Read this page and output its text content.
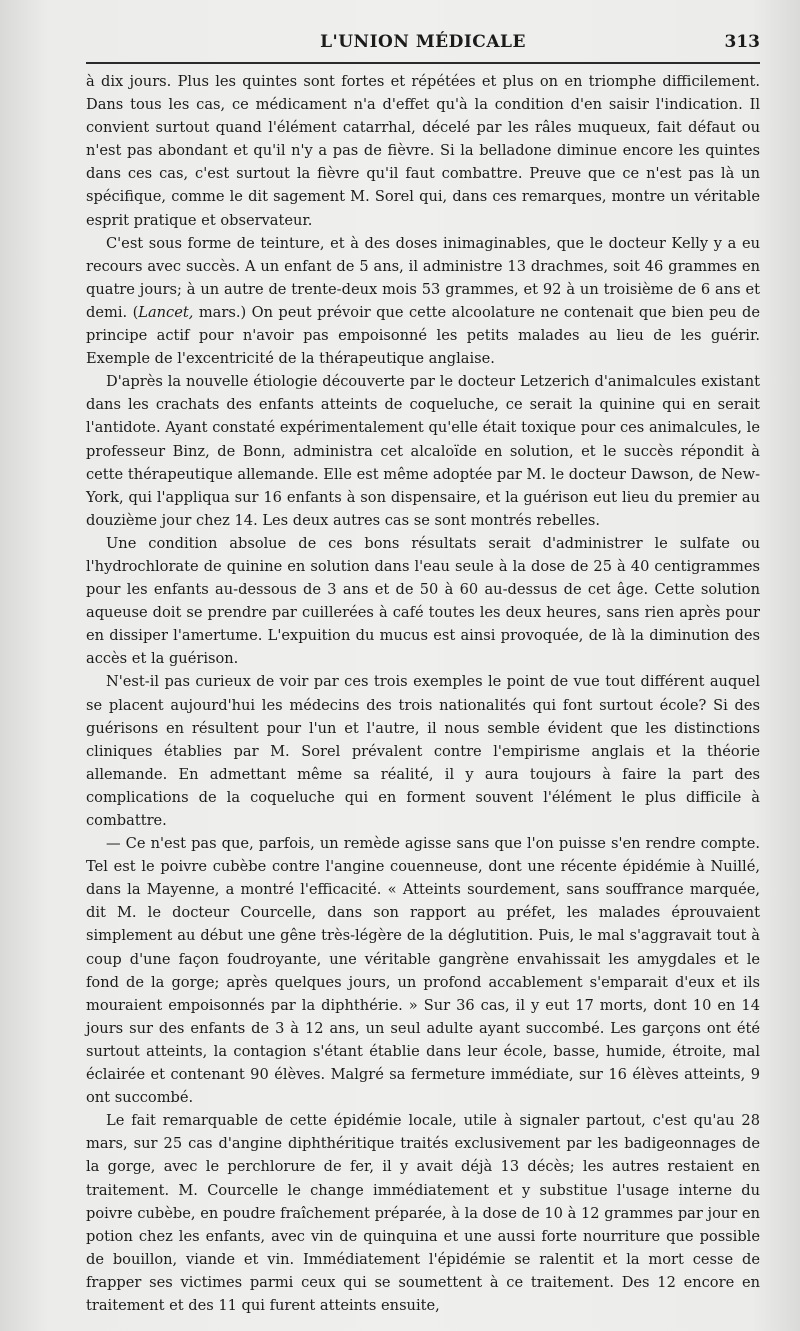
L'UNION MÉDICALE	313

à dix jours. Plus les quintes sont fortes et répétées et plus on en triomphe difficilement. Dans tous les cas, ce médicament n'a d'effet qu'à la condition d'en saisir l'indication. Il convient surtout quand l'élément catarrhal, décelé par les râles muqueux, fait défaut ou n'est pas abondant et qu'il n'y a pas de fièvre. Si la belladone diminue encore les quintes dans ces cas, c'est surtout la fièvre qu'il faut combattre. Preuve que ce n'est pas là un spécifique, comme le dit sagement M. Sorel qui, dans ces remarques, montre un véritable esprit pratique et observateur.

C'est sous forme de teinture, et à des doses inimaginables, que le docteur Kelly y a eu recours avec succès. A un enfant de 5 ans, il administre 13 drachmes, soit 46 grammes en quatre jours; à un autre de trente-deux mois 53 grammes, et 92 à un troisième de 6 ans et demi. (Lancet, mars.) On peut prévoir que cette alcoolature ne contenait que bien peu de principe actif pour n'avoir pas empoisonné les petits malades au lieu de les guérir. Exemple de l'excentricité de la thérapeutique anglaise.

D'après la nouvelle étiologie découverte par le docteur Letzerich d'animalcules existant dans les crachats des enfants atteints de coqueluche, ce serait la quinine qui en serait l'antidote. Ayant constaté expérimentalement qu'elle était toxique pour ces animalcules, le professeur Binz, de Bonn, administra cet alcaloïde en solution, et le succès répondit à cette thérapeutique allemande. Elle est même adoptée par M. le docteur Dawson, de New-York, qui l'appliqua sur 16 enfants à son dispensaire, et la guérison eut lieu du premier au douzième jour chez 14. Les deux autres cas se sont montrés rebelles.

Une condition absolue de ces bons résultats serait d'administrer le sulfate ou l'hydrochlorate de quinine en solution dans l'eau seule à la dose de 25 à 40 centigrammes pour les enfants au-dessous de 3 ans et de 50 à 60 au-dessus de cet âge. Cette solution aqueuse doit se prendre par cuillerées à café toutes les deux heures, sans rien après pour en dissiper l'amertume. L'expuition du mucus est ainsi provoquée, de là la diminution des accès et la guérison.

N'est-il pas curieux de voir par ces trois exemples le point de vue tout différent auquel se placent aujourd'hui les médecins des trois nationalités qui font surtout école? Si des guérisons en résultent pour l'un et l'autre, il nous semble évident que les distinctions cliniques établies par M. Sorel prévalent contre l'empirisme anglais et la théorie allemande. En admettant même sa réalité, il y aura toujours à faire la part des complications de la coqueluche qui en forment souvent l'élément le plus difficile à combattre.

— Ce n'est pas que, parfois, un remède agisse sans que l'on puisse s'en rendre compte. Tel est le poivre cubèbe contre l'angine couenneuse, dont une récente épidémie à Nuillé, dans la Mayenne, a montré l'efficacité. « Atteints sourdement, sans souffrance marquée, dit M. le docteur Courcelle, dans son rapport au préfet, les malades éprouvaient simplement au début une gêne très-légère de la déglutition. Puis, le mal s'aggravait tout à coup d'une façon foudroyante, une véritable gangrène envahissait les amygdales et le fond de la gorge; après quelques jours, un profond accablement s'emparait d'eux et ils mouraient empoisonnés par la diphthérie. » Sur 36 cas, il y eut 17 morts, dont 10 en 14 jours sur des enfants de 3 à 12 ans, un seul adulte ayant succombé. Les garçons ont été surtout atteints, la contagion s'étant établie dans leur école, basse, humide, étroite, mal éclairée et contenant 90 élèves. Malgré sa fermeture immédiate, sur 16 élèves atteints, 9 ont succombé.

Le fait remarquable de cette épidémie locale, utile à signaler partout, c'est qu'au 28 mars, sur 25 cas d'angine diphthéritique traités exclusivement par les badigeonnages de la gorge, avec le perchlorure de fer, il y avait déjà 13 décès; les autres restaient en traitement. M. Courcelle le change immédiatement et y substitue l'usage interne du poivre cubèbe, en poudre fraîchement préparée, à la dose de 10 à 12 grammes par jour en potion chez les enfants, avec vin de quinquina et une aussi forte nourriture que possible de bouillon, viande et vin. Immédiatement l'épidémie se ralentit et la mort cesse de frapper ses victimes parmi ceux qui se soumettent à ce traitement. Des 12 encore en traitement et des 11 qui furent atteints ensuite,
